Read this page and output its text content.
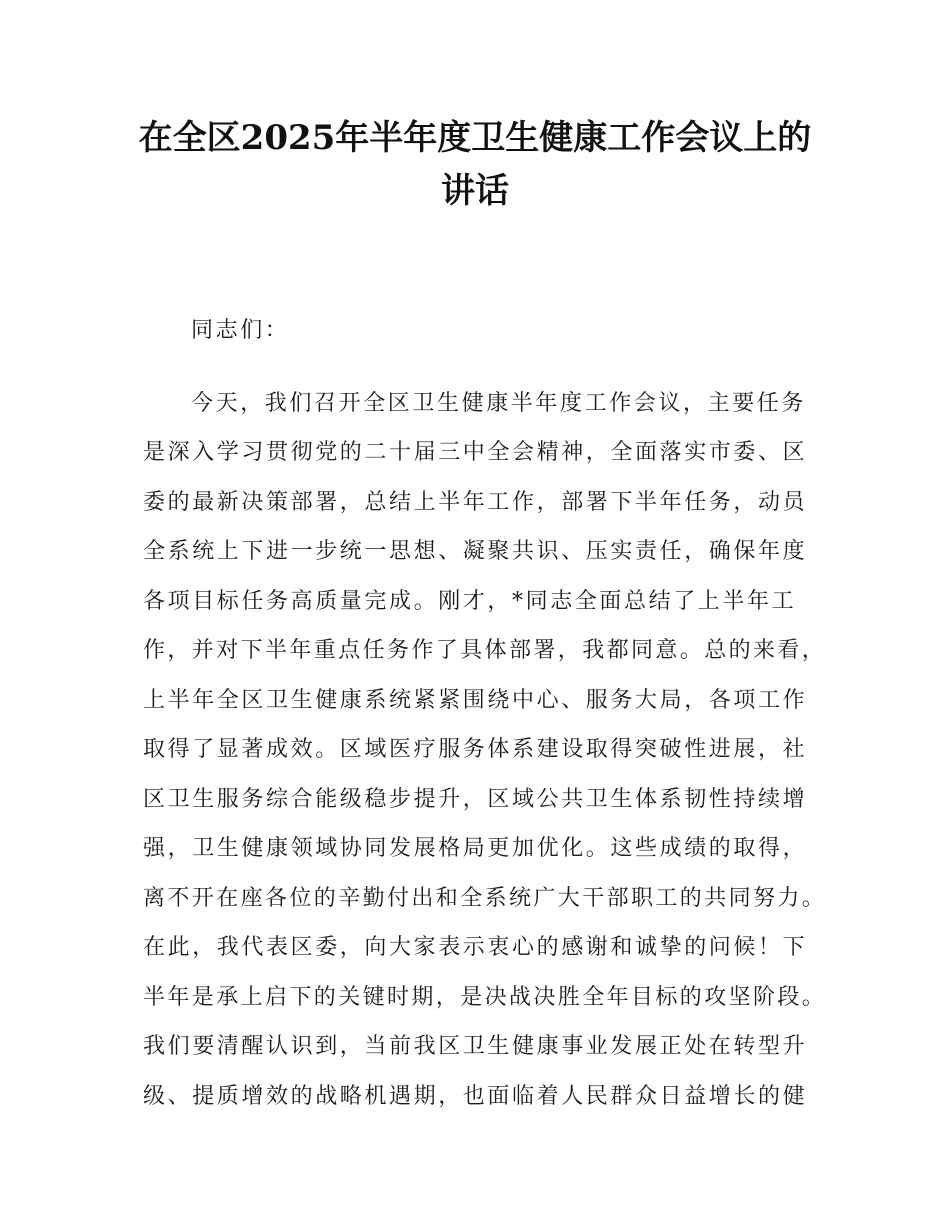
在全区2025年半年度卫生健康工作会议上的
讲话
同志们：
今天，我们召开全区卫生健康半年度工作会议，主要任务
是深入学习贯彻党的二十届三中全会精神，全面落实市委、区
委的最新决策部署，总结上半年工作，部署下半年任务，动员
全系统上下进一步统一思想、凝聚共识、压实责任，确保年度
各项目标任务高质量完成。刚才，*同志全面总结了上半年工
作，并对下半年重点任务作了具体部署，我都同意。总的来看，
上半年全区卫生健康系统紧紧围绕中心、服务大局，各项工作
取得了显著成效。区域医疗服务体系建设取得突破性进展，社
区卫生服务综合能级稳步提升，区域公共卫生体系韧性持续增
强，卫生健康领域协同发展格局更加优化。这些成绩的取得，
离不开在座各位的辛勤付出和全系统广大干部职工的共同努力。
在此，我代表区委，向大家表示衷心的感谢和诚挚的问候！下
半年是承上启下的关键时期，是决战决胜全年目标的攻坚阶段。
我们要清醒认识到，当前我区卫生健康事业发展正处在转型升
级、提质增效的战略机遇期，也面临着人民群众日益增长的健
